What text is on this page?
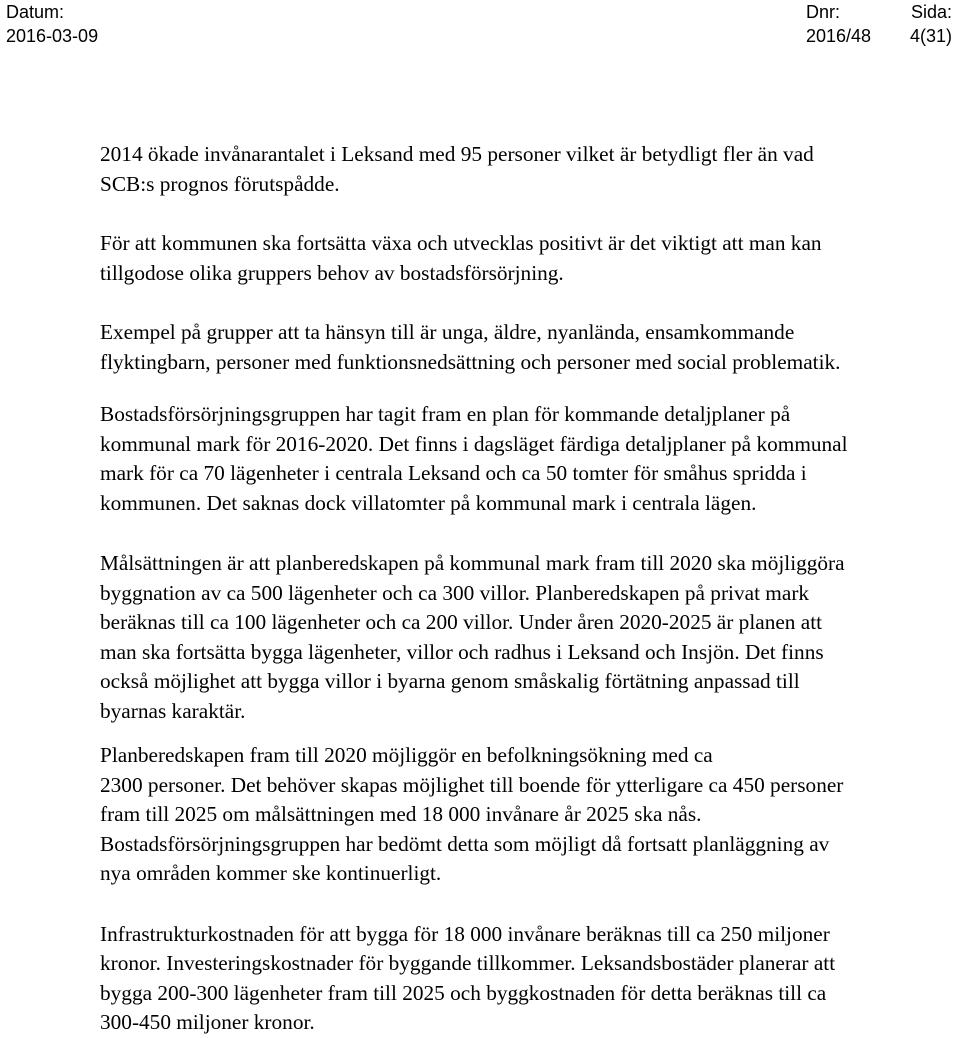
Datum:
2016-03-09
Dnr:
2016/48
Sida:
4(31)

2014 ökade invånarantalet i Leksand med 95 personer vilket är betydligt fler än vad
SCB:s prognos förutspådde.

För att kommunen ska fortsätta växa och utvecklas positivt är det viktigt att man kan
tillgodose olika gruppers behov av bostadsförsörjning.

Exempel på grupper att ta hänsyn till är unga, äldre, nyanlända, ensamkommande
flyktingbarn, personer med funktionsnedsättning och personer med social problematik.

Bostadsförsörjningsgruppen har tagit fram en plan för kommande detaljplaner på
kommunal mark för 2016-2020. Det finns i dagsläget färdiga detaljplaner på kommunal
mark för ca 70 lägenheter i centrala Leksand och ca 50 tomter för småhus spridda i
kommunen. Det saknas dock villatomter på kommunal mark i centrala lägen.

Målsättningen är att planberedskapen på kommunal mark fram till 2020 ska möjliggöra
byggnation av ca 500 lägenheter och ca 300 villor. Planberedskapen på privat mark
beräknas till ca 100 lägenheter och ca 200 villor. Under åren 2020-2025 är planen att
man ska fortsätta bygga lägenheter, villor och radhus i Leksand och Insjön. Det finns
också möjlighet att bygga villor i byarna genom småskalig förtätning anpassad till
byarnas karaktär.

Planberedskapen fram till 2020 möjliggör en befolkningsökning med ca
2300 personer. Det behöver skapas möjlighet till boende för ytterligare ca 450 personer
fram till 2025 om målsättningen med 18 000 invånare år 2025 ska nås.
Bostadsförsörjningsgruppen har bedömt detta som möjligt då fortsatt planläggning av
nya områden kommer ske kontinuerligt.

Infrastrukturkostnaden för att bygga för 18 000 invånare beräknas till ca 250 miljoner
kronor. Investeringskostnader för byggande tillkommer. Leksandsbostäder planerar att
bygga 200-300 lägenheter fram till 2025 och byggkostnaden för detta beräknas till ca
300-450 miljoner kronor.
